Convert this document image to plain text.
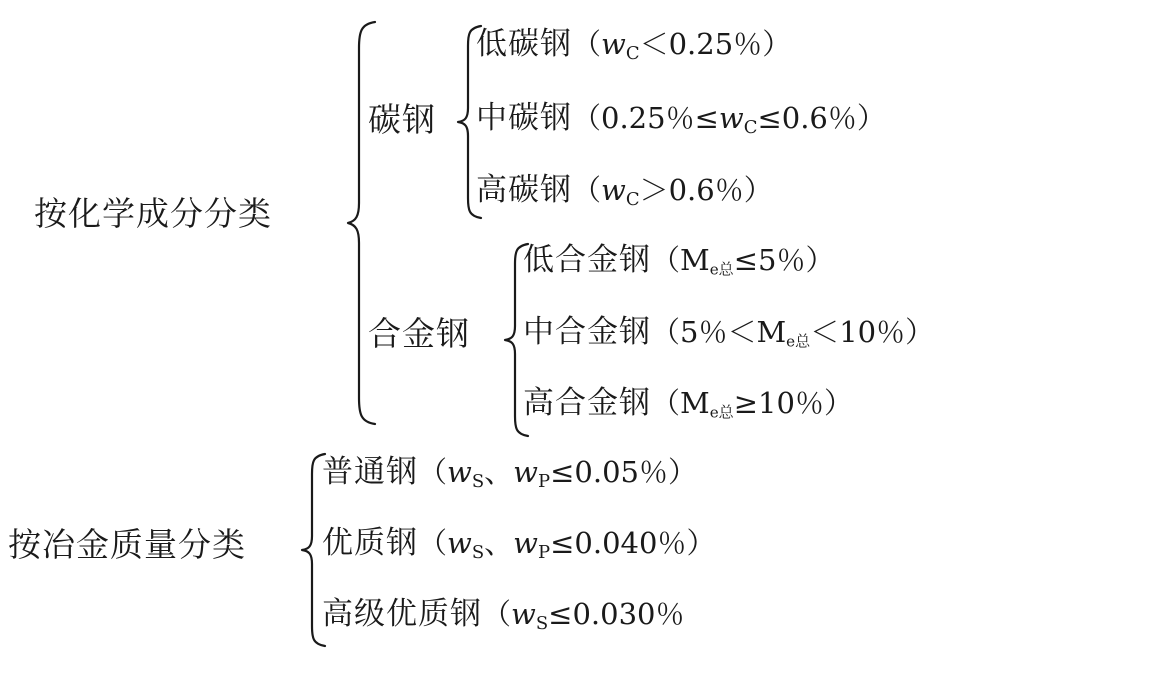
按化学成分分类
碳钢
低碳钢（$w_C<0.25$％）
中碳钢（0.25％$\le w_C\le 0.6$％）
高碳钢（$w_C>0.6$％）
合金钢
低合金钢（Me总≤5％）
中合金钢（5％＜Me总＜10％）
高合金钢（Me总≥10％）
按冶金质量分类
普通钢（$w_S$、$w_P\le 0.05$％）
优质钢（$w_S$、$w_P\le 0.040$％）
高级优质钢（$w_S\le 0.030$％
